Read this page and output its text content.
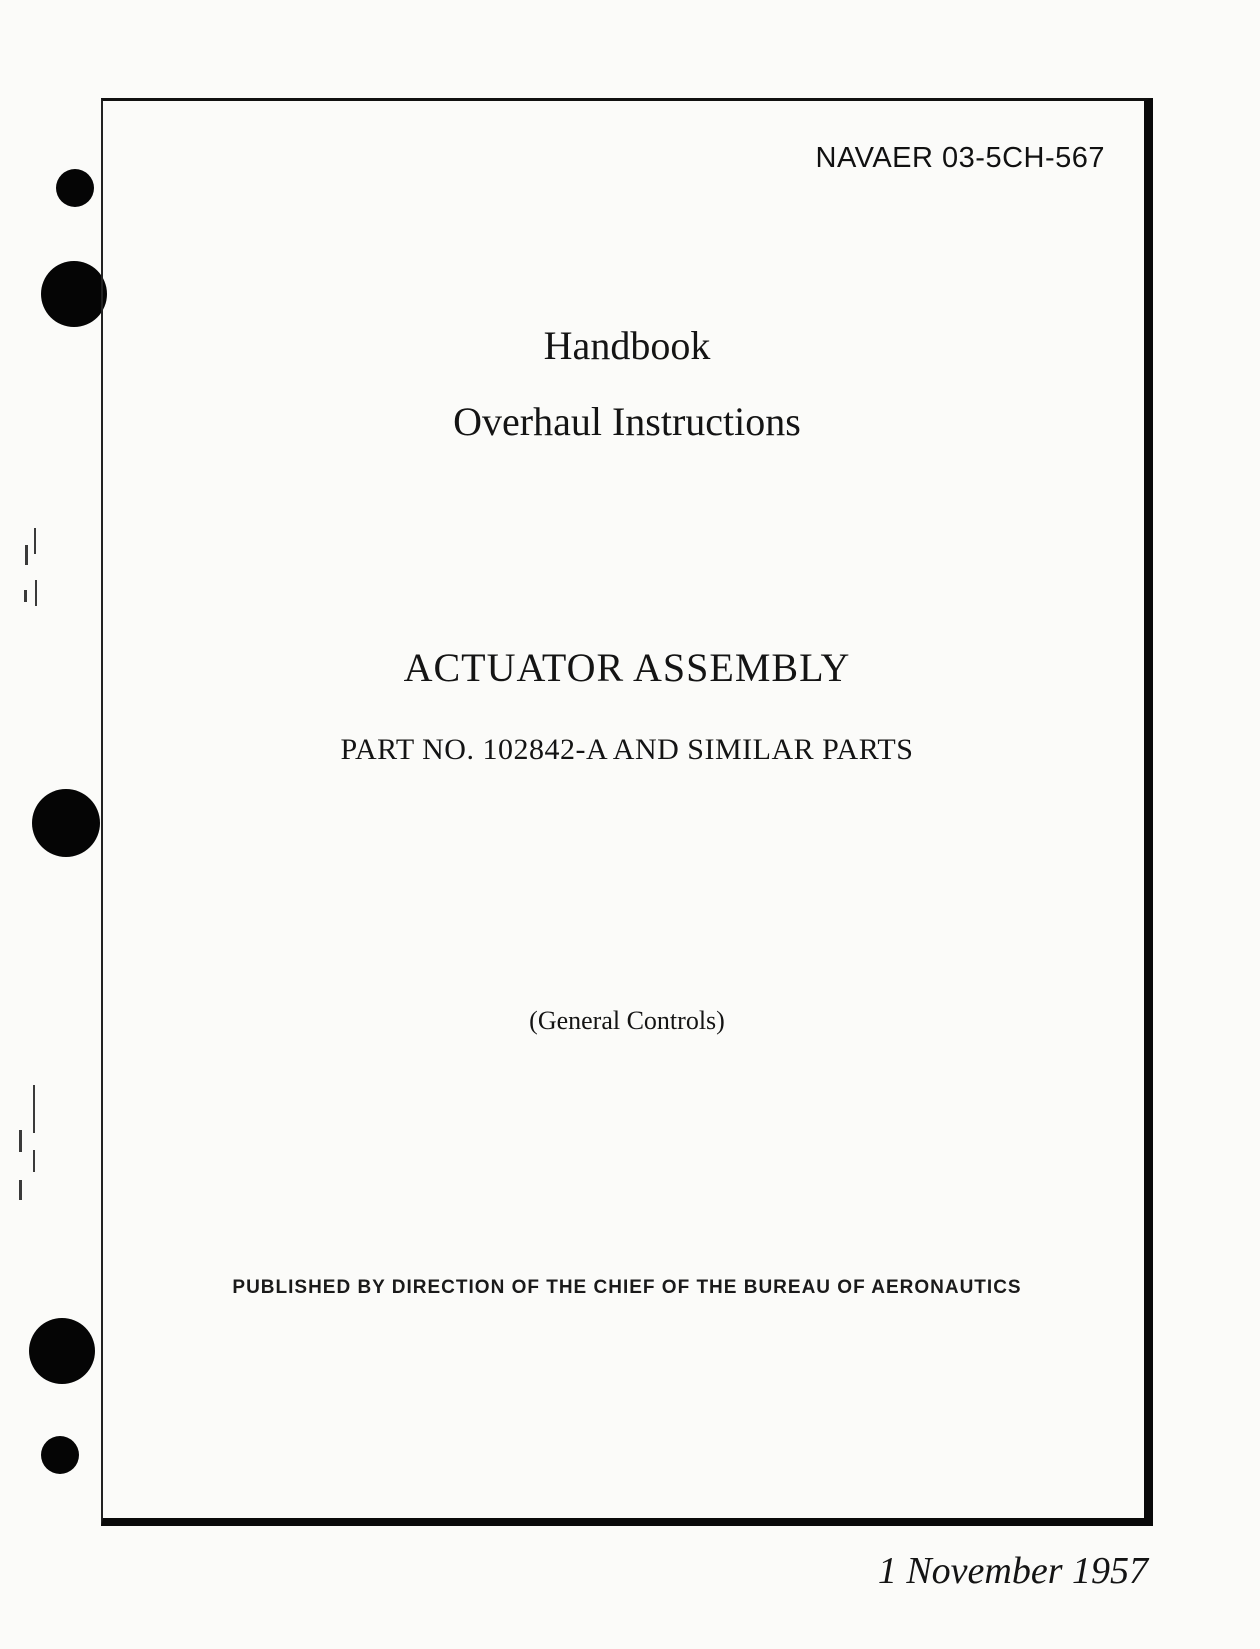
NAVAER 03-5CH-567
Handbook
Overhaul Instructions
ACTUATOR ASSEMBLY
PART NO. 102842-A AND SIMILAR PARTS
(General Controls)
PUBLISHED BY DIRECTION OF THE CHIEF OF THE BUREAU OF AERONAUTICS
1 November 1957
